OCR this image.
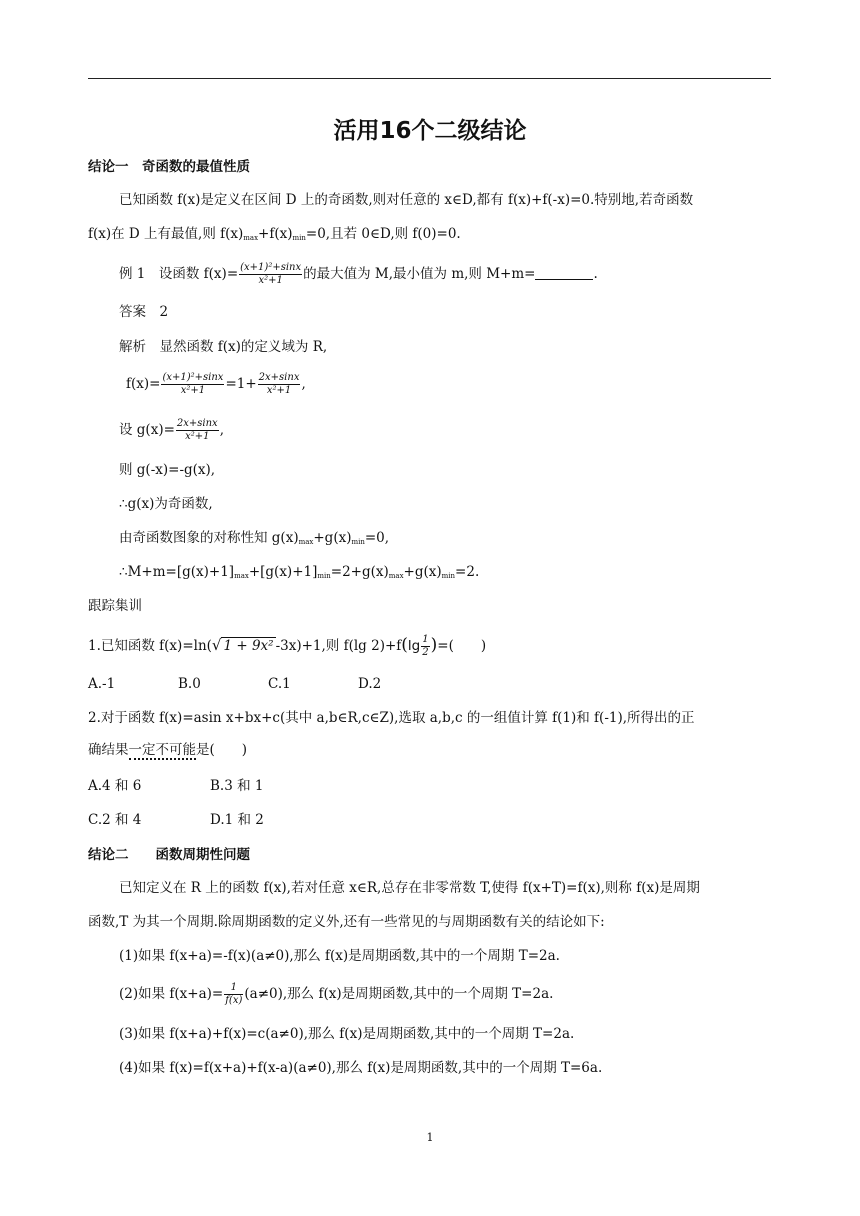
活用16个二级结论
结论一　奇函数的最值性质
已知函数 f(x)是定义在区间 D 上的奇函数,则对任意的 x∈D,都有 f(x)+f(-x)=0.特别地,若奇函数
f(x)在 D 上有最值,则 $f(x)_{max}+f(x)_{min}=0$,且若 0∈D,则 f(0)=0.
例 1　设函数 $f(x)= \frac{\text{(x+1)²+sinx}}{\text{x²+1}}$ 的最大值为 M,最小值为 m,则 M+m=	.
答案　2
解析　显然函数 f(x)的定义域为 R,
$f(x)= \frac{\text{(x+1)²+sinx}}{\text{x²+1}} =1+ \frac{2x+\sin x}{\text{x²+1}}$ ,
设 $g(x)= \frac{2x+\sin x}{\text{x²+1}}$ ,
则 g(-x)=-g(x),
∴g(x)为奇函数,
由奇函数图象的对称性知 $g(x)_{max}+g(x)_{min}=0$,
$\therefore M+m=[g(x)+1]_{max}+[g(x)+1]_{min}=2+g(x)_{max}+g(x)_{min}=2$.
跟踪集训
1.已知函数 f(x)=ln(√ 1 + 9x² -3x)+1,则 f(lg $2)+f(\lg \frac{1}{2}$ )=(　　)
A.-1	B.0	C.1	D.2
2.对于函数 f(x)=asin x+bx+c(其中 a,b∈R,c∈Z),选取 a,b,c 的一组值计算 f(1)和 f(-1),所得出的正
确结果一定不可能是(　　)
A.4 和 6	B.3 和 1
C.2 和 4	D.1 和 2
结论二　　函数周期性问题
已知定义在 R 上的函数 f(x),若对任意 x∈R,总存在非零常数 T,使得 f(x+T)=f(x),则称 f(x)是周期
函数,T 为其一个周期.除周期函数的定义外,还有一些常见的与周期函数有关的结论如下:
(1)如果 f(x+a)=-f(x)(a≠0),那么 f(x)是周期函数,其中的一个周期 T=2a.
(2)如果 $f(x+a)= \frac{1}{f(x)} (a\ne 0)$,那么 f(x)是周期函数,其中的一个周期 T=2a.
(3)如果 f(x+a)+f(x)=c(a≠0),那么 f(x)是周期函数,其中的一个周期 T=2a.
(4)如果 f(x)=f(x+a)+f(x-a)(a≠0),那么 f(x)是周期函数,其中的一个周期 T=6a.
1
